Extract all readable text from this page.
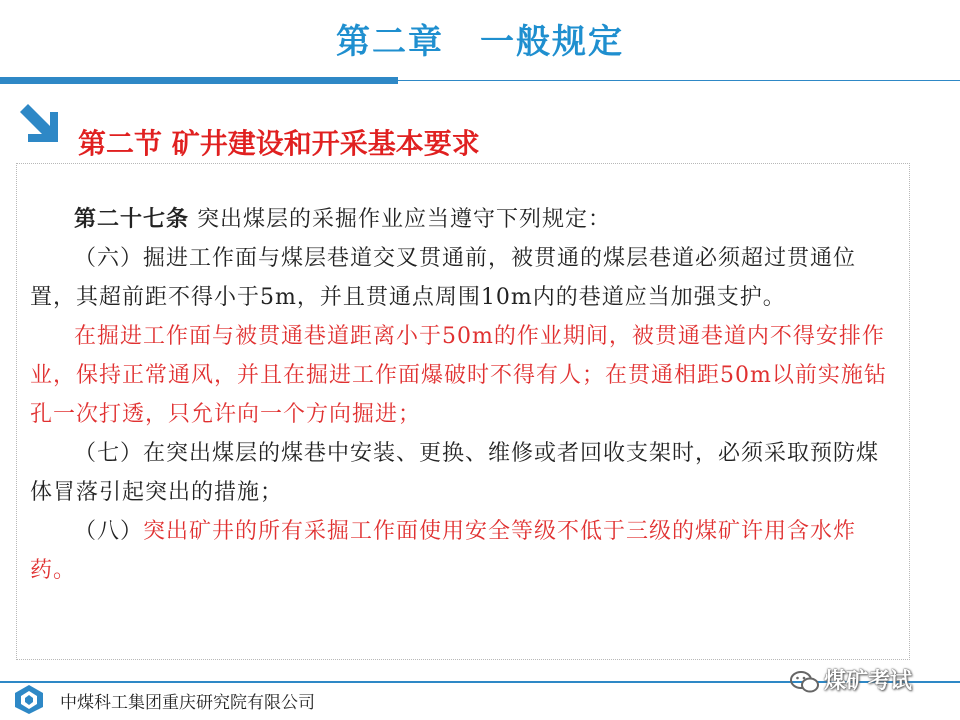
第二章　一般规定
第二节 矿井建设和开采基本要求

第二十七条 突出煤层的采掘作业应当遵守下列规定：

（六）掘进工作面与煤层巷道交叉贯通前，被贯通的煤层巷道必须超过贯通位置，其超前距不得小于5m，并且贯通点周围10m内的巷道应当加强支护。

在掘进工作面与被贯通巷道距离小于50m的作业期间，被贯通巷道内不得安排作业，保持正常通风，并且在掘进工作面爆破时不得有人；在贯通相距50m以前实施钻孔一次打透，只允许向一个方向掘进；

（七）在突出煤层的煤巷中安装、更换、维修或者回收支架时，必须采取预防煤体冒落引起突出的措施；

（八）突出矿井的所有采掘工作面使用安全等级不低于三级的煤矿许用含水炸药。

中煤科工集团重庆研究院有限公司
煤矿考试
